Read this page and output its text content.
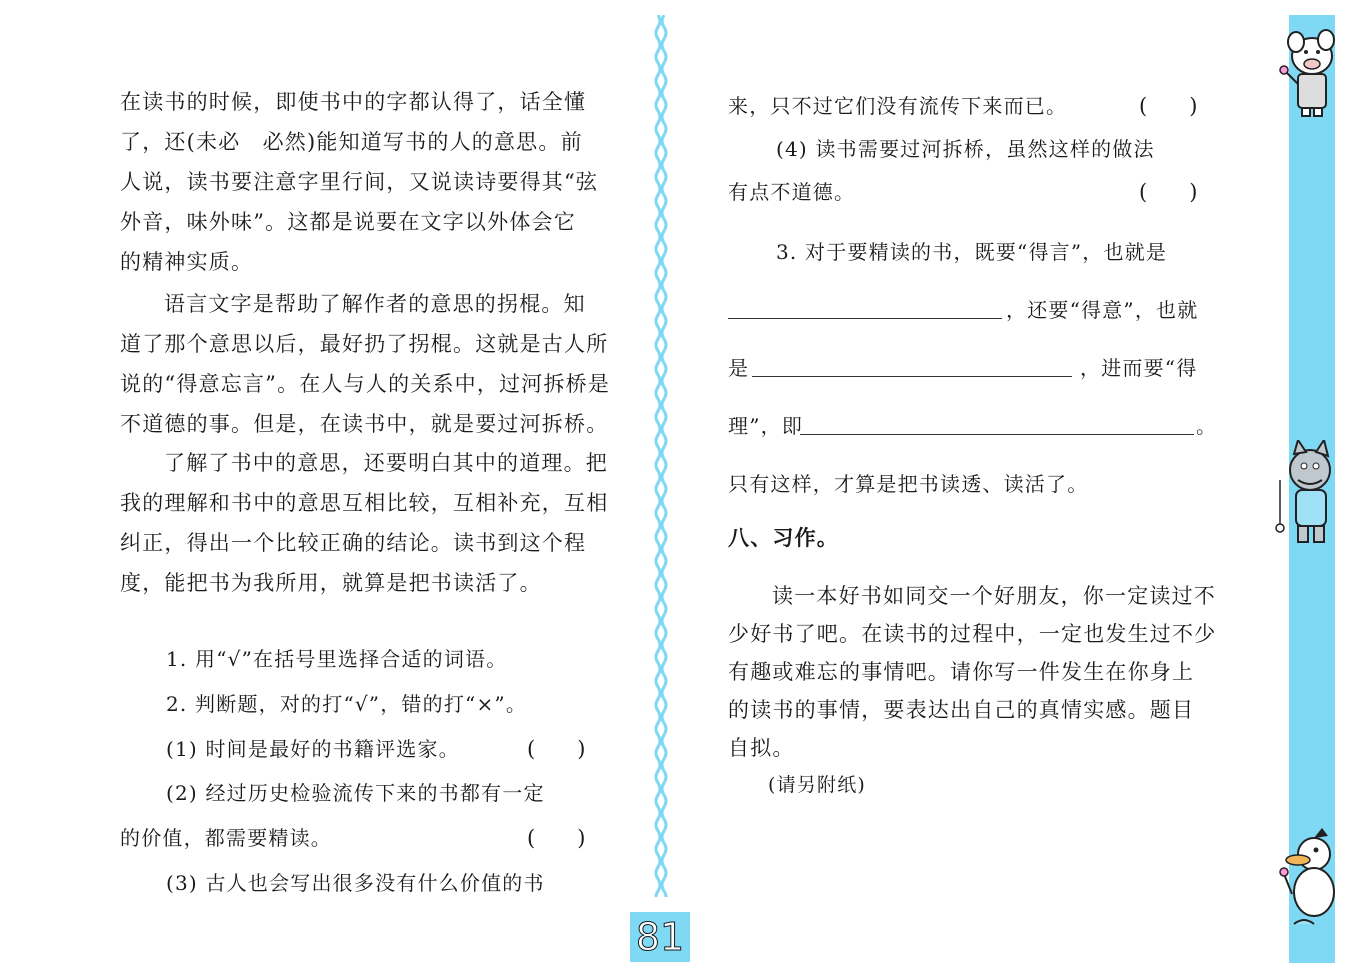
在读书的时候，即使书中的字都认得了，话全懂
了，还(未必　必然)能知道写书的人的意思。前
人说，读书要注意字里行间，又说读诗要得其“弦
外音，味外味”。这都是说要在文字以外体会它
的精神实质。
语言文字是帮助了解作者的意思的拐棍。知
道了那个意思以后，最好扔了拐棍。这就是古人所
说的“得意忘言”。在人与人的关系中，过河拆桥是
不道德的事。但是，在读书中，就是要过河拆桥。
了解了书中的意思，还要明白其中的道理。把
我的理解和书中的意思互相比较，互相补充，互相
纠正，得出一个比较正确的结论。读书到这个程
度，能把书为我所用，就算是把书读活了。
1. 用“√”在括号里选择合适的词语。
2. 判断题，对的打“√”，错的打“×”。
(1) 时间是最好的书籍评选家。	(　　)
(2) 经过历史检验流传下来的书都有一定
的价值，都需要精读。	(　　)
(3) 古人也会写出很多没有什么价值的书
81
来，只不过它们没有流传下来而已。	(　　)
(4) 读书需要过河拆桥，虽然这样的做法
有点不道德。	(　　)
3. 对于要精读的书，既要“得言”，也就是
，还要“得意”，也就
是	，进而要“得
理”，即	。
只有这样，才算是把书读透、读活了。
八、习作。
读一本好书如同交一个好朋友，你一定读过不
少好书了吧。在读书的过程中，一定也发生过不少
有趣或难忘的事情吧。请你写一件发生在你身上
的读书的事情，要表达出自己的真情实感。题目
自拟。
(请另附纸)
